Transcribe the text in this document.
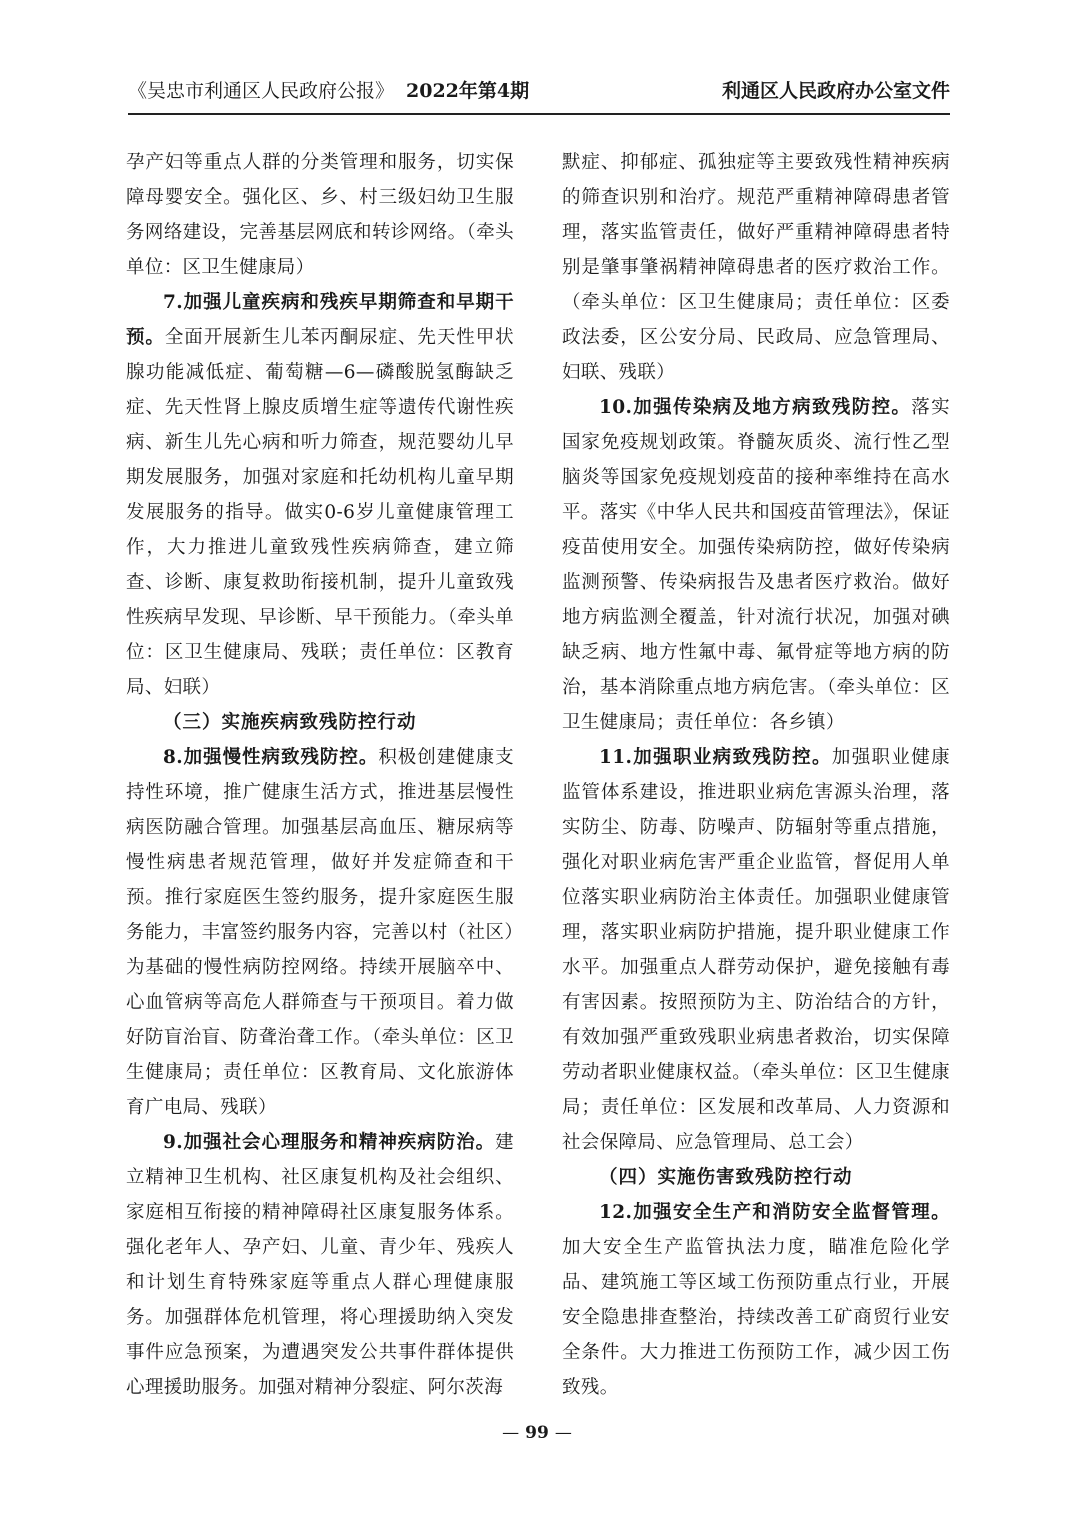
《吴忠市利通区人民政府公报》 2022年第4期	利通区人民政府办公室文件

孕产妇等重点人群的分类管理和服务，切实保障母婴安全。强化区、乡、村三级妇幼卫生服务网络建设，完善基层网底和转诊网络。（牵头单位：区卫生健康局）

7.加强儿童疾病和残疾早期筛查和早期干预。全面开展新生儿苯丙酮尿症、先天性甲状腺功能减低症、葡萄糖—6—磷酸脱氢酶缺乏症、先天性肾上腺皮质增生症等遗传代谢性疾病、新生儿先心病和听力筛查，规范婴幼儿早期发展服务，加强对家庭和托幼机构儿童早期发展服务的指导。做实0-6岁儿童健康管理工作，大力推进儿童致残性疾病筛查，建立筛查、诊断、康复救助衔接机制，提升儿童致残性疾病早发现、早诊断、早干预能力。（牵头单位：区卫生健康局、残联；责任单位：区教育局、妇联）

（三）实施疾病致残防控行动

8.加强慢性病致残防控。积极创建健康支持性环境，推广健康生活方式，推进基层慢性病医防融合管理。加强基层高血压、糖尿病等慢性病患者规范管理，做好并发症筛查和干预。推行家庭医生签约服务，提升家庭医生服务能力，丰富签约服务内容，完善以村（社区）为基础的慢性病防控网络。持续开展脑卒中、心血管病等高危人群筛查与干预项目。着力做好防盲治盲、防聋治聋工作。（牵头单位：区卫生健康局；责任单位：区教育局、文化旅游体育广电局、残联）

9.加强社会心理服务和精神疾病防治。建立精神卫生机构、社区康复机构及社会组织、家庭相互衔接的精神障碍社区康复服务体系。强化老年人、孕产妇、儿童、青少年、残疾人和计划生育特殊家庭等重点人群心理健康服务。加强群体危机管理，将心理援助纳入突发事件应急预案，为遭遇突发公共事件群体提供心理援助服务。加强对精神分裂症、阿尔茨海

默症、抑郁症、孤独症等主要致残性精神疾病的筛查识别和治疗。规范严重精神障碍患者管理，落实监管责任，做好严重精神障碍患者特别是肇事肇祸精神障碍患者的医疗救治工作。（牵头单位：区卫生健康局；责任单位：区委政法委，区公安分局、民政局、应急管理局、妇联、残联）

10.加强传染病及地方病致残防控。落实国家免疫规划政策。脊髓灰质炎、流行性乙型脑炎等国家免疫规划疫苗的接种率维持在高水平。落实《中华人民共和国疫苗管理法》，保证疫苗使用安全。加强传染病防控，做好传染病监测预警、传染病报告及患者医疗救治。做好地方病监测全覆盖，针对流行状况，加强对碘缺乏病、地方性氟中毒、氟骨症等地方病的防治，基本消除重点地方病危害。（牵头单位：区卫生健康局；责任单位：各乡镇）

11.加强职业病致残防控。加强职业健康监管体系建设，推进职业病危害源头治理，落实防尘、防毒、防噪声、防辐射等重点措施，强化对职业病危害严重企业监管，督促用人单位落实职业病防治主体责任。加强职业健康管理，落实职业病防护措施，提升职业健康工作水平。加强重点人群劳动保护，避免接触有毒有害因素。按照预防为主、防治结合的方针，有效加强严重致残职业病患者救治，切实保障劳动者职业健康权益。（牵头单位：区卫生健康局；责任单位：区发展和改革局、人力资源和社会保障局、应急管理局、总工会）

（四）实施伤害致残防控行动

12.加强安全生产和消防安全监督管理。加大安全生产监管执法力度，瞄准危险化学品、建筑施工等区域工伤预防重点行业，开展安全隐患排查整治，持续改善工矿商贸行业安全条件。大力推进工伤预防工作，减少因工伤致残。

— 99 —
